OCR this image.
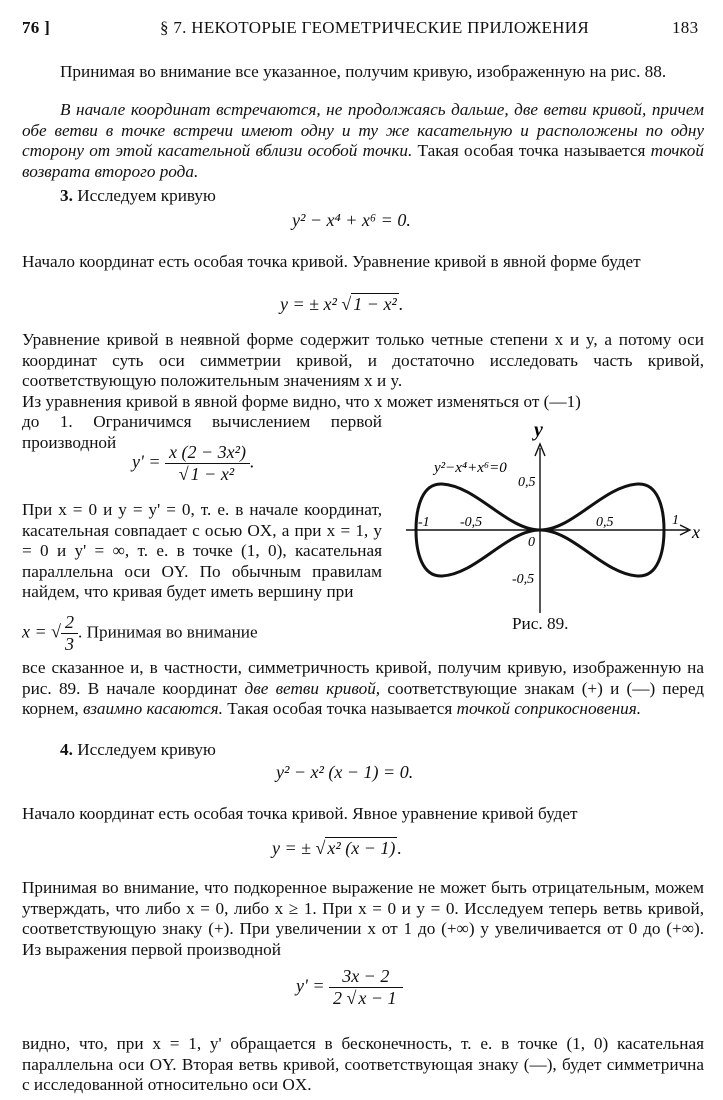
76 ]	§ 7. НЕКОТОРЫЕ ГЕОМЕТРИЧЕСКИЕ ПРИЛОЖЕНИЯ	183
Принимая во внимание все указанное, получим кривую, изображенную на рис. 88.
В начале координат встречаются, не продолжаясь дальше, две ветви кривой, причем обе ветви в точке встречи имеют одну и ту же касательную и расположены по одну сторону от этой касательной вблизи особой точки. Такая особая точка называется точкой возврата второго рода.
3. Исследуем кривую
y² − x⁴ + x⁶ = 0.
Начало координат есть особая точка кривой. Уравнение кривой в явной форме будет
y = ± x² √ 1 − x² .
Уравнение кривой в неявной форме содержит только четные степени x и y, а потому оси координат суть оси симметрии кривой, и достаточно исследовать часть кривой, соответствующую положительным значениям x и y.
Из уравнения кривой в явной форме видно, что x может изменяться от (—1)
до 1. Ограничимся вычислением первой производной
$y' = \frac{\text{x (2 − 3x²)}}{\text{√ 1 − x²}}$ .
При x = 0 и y = y' = 0, т. е. в начале координат, касательная совпадает с осью OX, а при x = 1, y = 0 и y' = ∞, т. е. в точке (1, 0), касательная параллельна оси OY. По обычным правилам найдем, что кривая будет иметь вершину при
x = √ $\frac{2}{3}$ . Принимая во внимание
y
x
y²−x⁴+x⁶=0
0,5
-0,5
-1 -0,5	0,5	1
0
Рис. 89.
все сказанное и, в частности, симметричность кривой, получим кривую, изображенную на рис. 89. В начале координат две ветви кривой, соответствующие знакам (+) и (—) перед корнем, взаимно касаются. Такая особая точка называется точкой соприкосновения.
4. Исследуем кривую
y² − x² (x − 1) = 0.
Начало координат есть особая точка кривой. Явное уравнение кривой будет
y = ± √ x² (x − 1) .
Принимая во внимание, что подкоренное выражение не может быть отрицательным, можем утверждать, что либо x = 0, либо x ≥ 1. При x = 0 и y = 0. Исследуем теперь ветвь кривой, соответствующую знаку (+). При увеличении x от 1 до (+∞) y увеличивается от 0 до (+∞). Из выражения первой производной
$y' = \frac{3x - 2}{2 √ x - 1}$
видно, что, при x = 1, y' обращается в бесконечность, т. е. в точке (1, 0) касательная параллельна оси OY. Вторая ветвь кривой, соответствующая знаку (—), будет симметрична с исследованной относительно оси OX.
